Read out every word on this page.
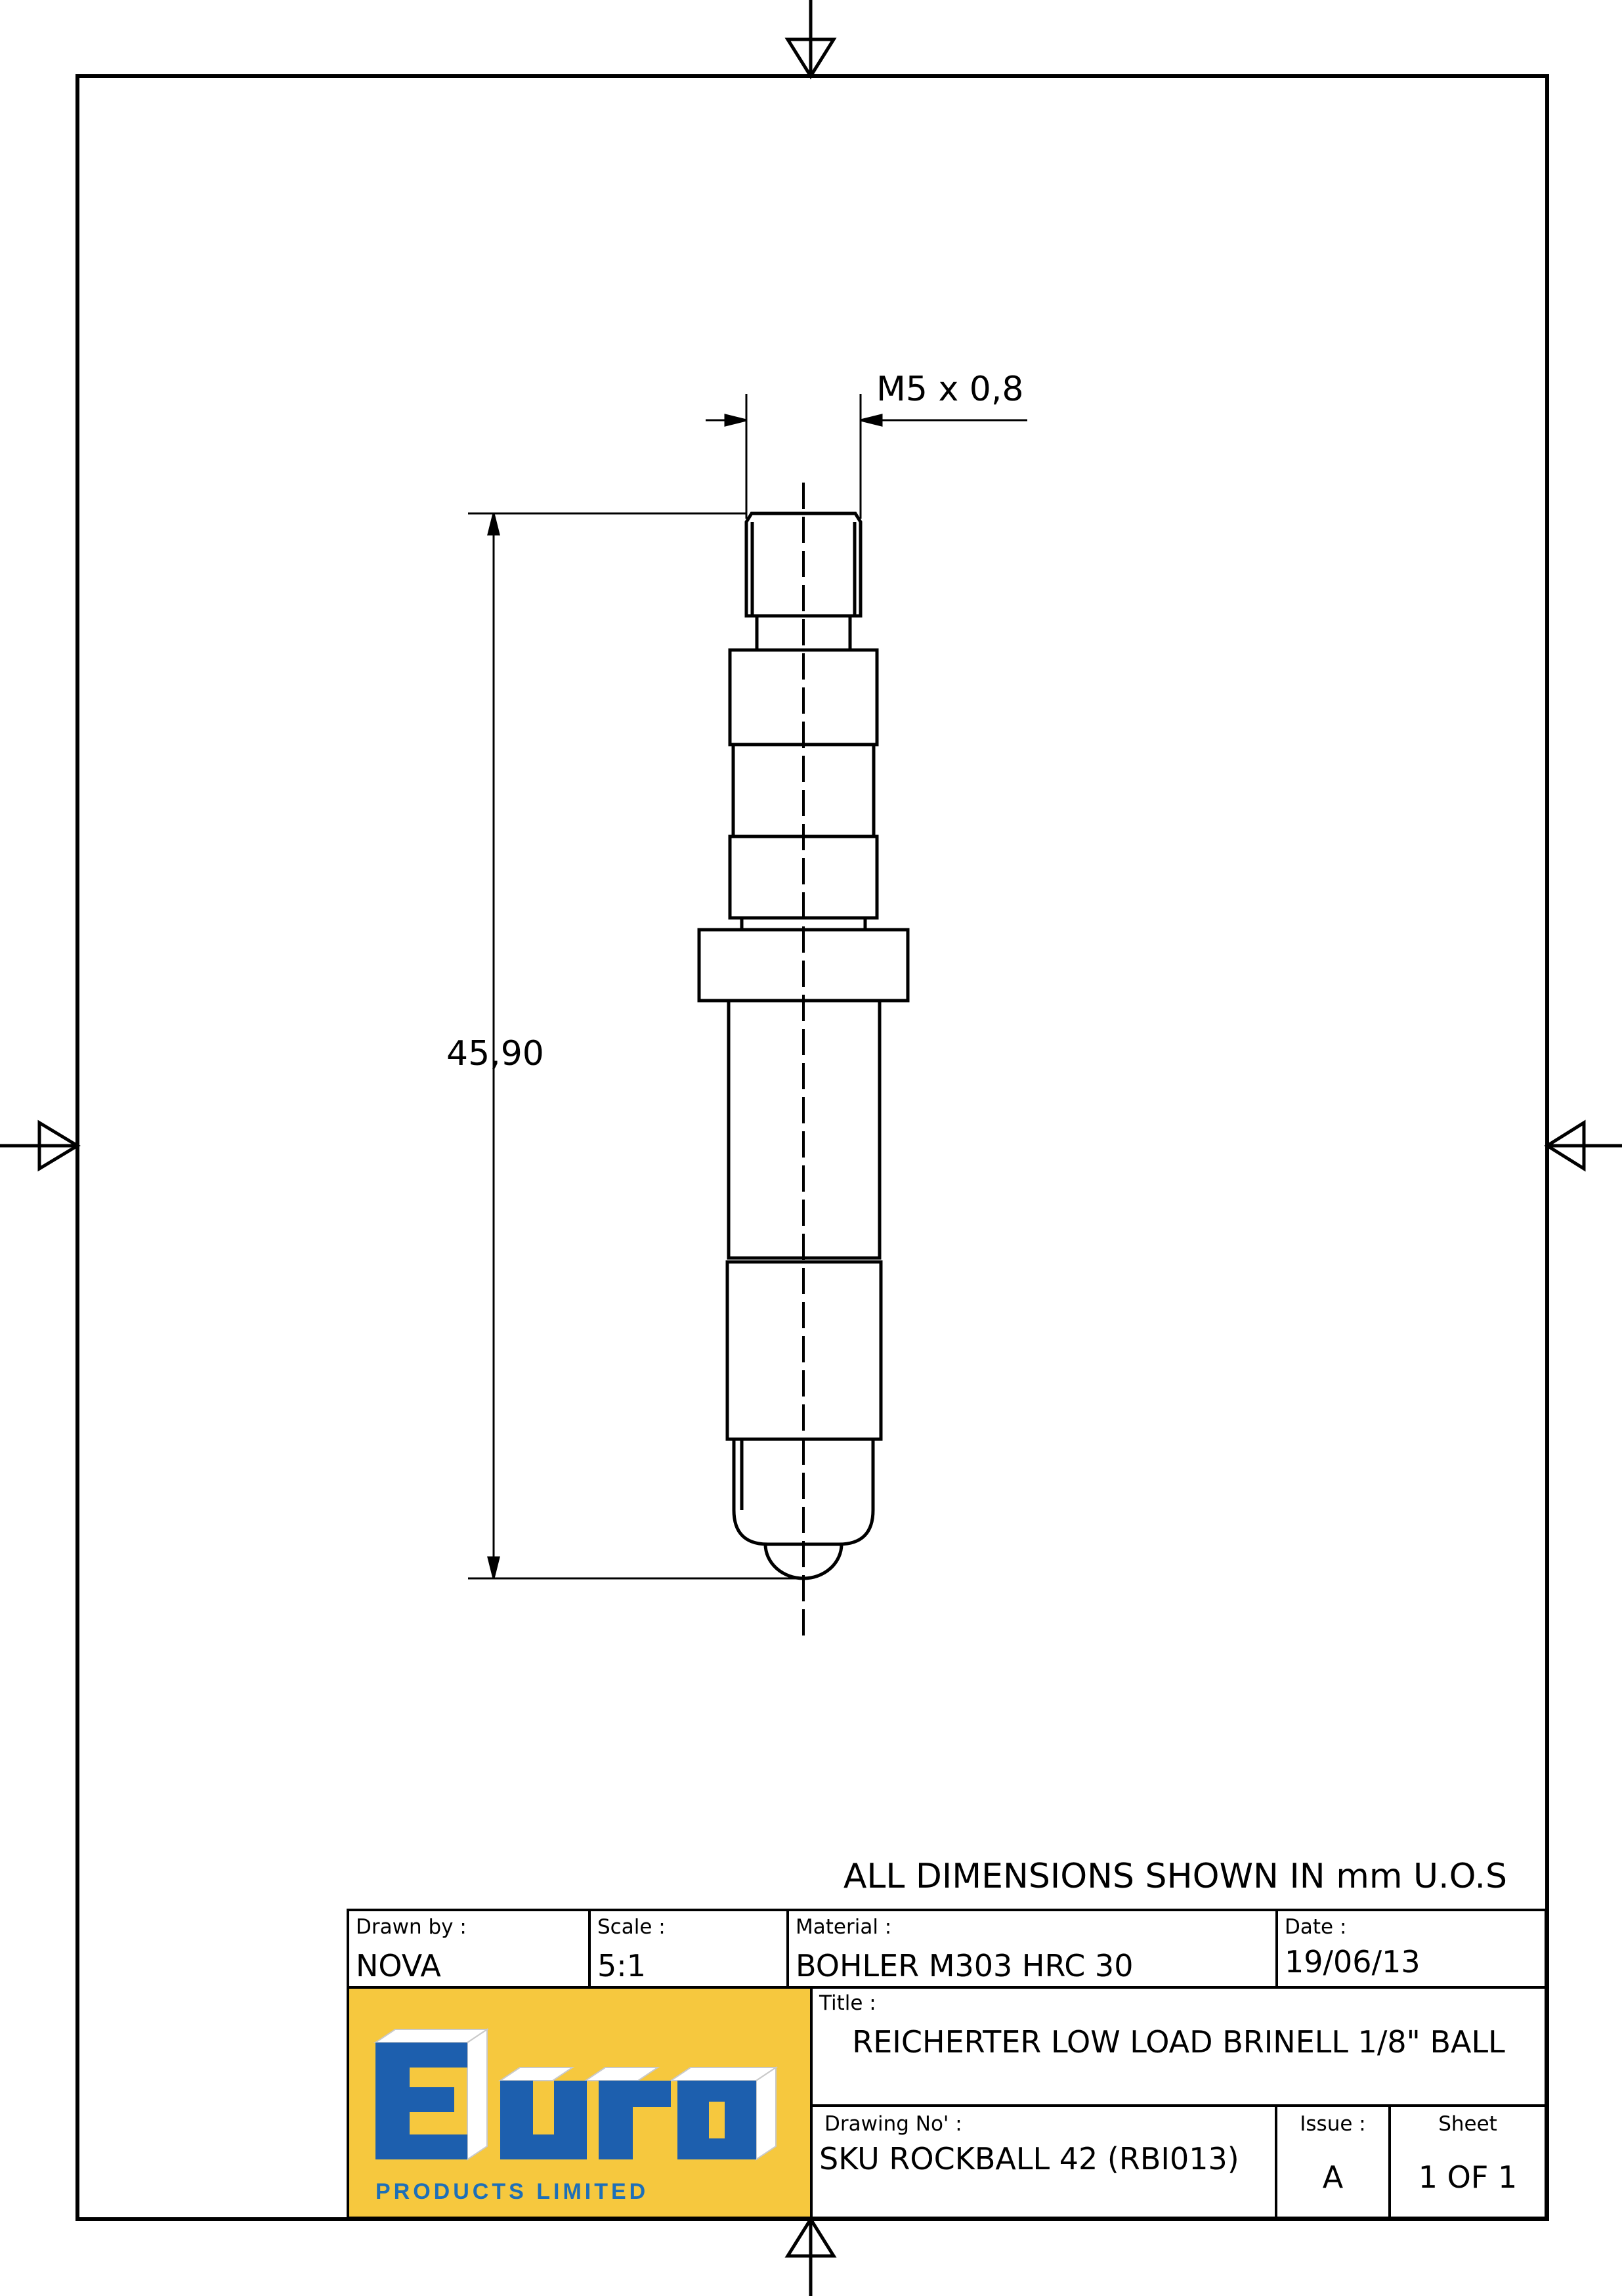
M5 x 0,8
45,90
ALL DIMENSIONS SHOWN IN mm U.O.S
Drawn by :
NOVA
Scale :
5:1
Material :
BOHLER M303 HRC 30
Date :
19/06/13
PRODUCTS LIMITED
Title :
REICHERTER LOW LOAD BRINELL 1/8" BALL
Drawing No' :
SKU ROCKBALL 42 (RBI013)
Issue :
A
Sheet
1 OF 1
